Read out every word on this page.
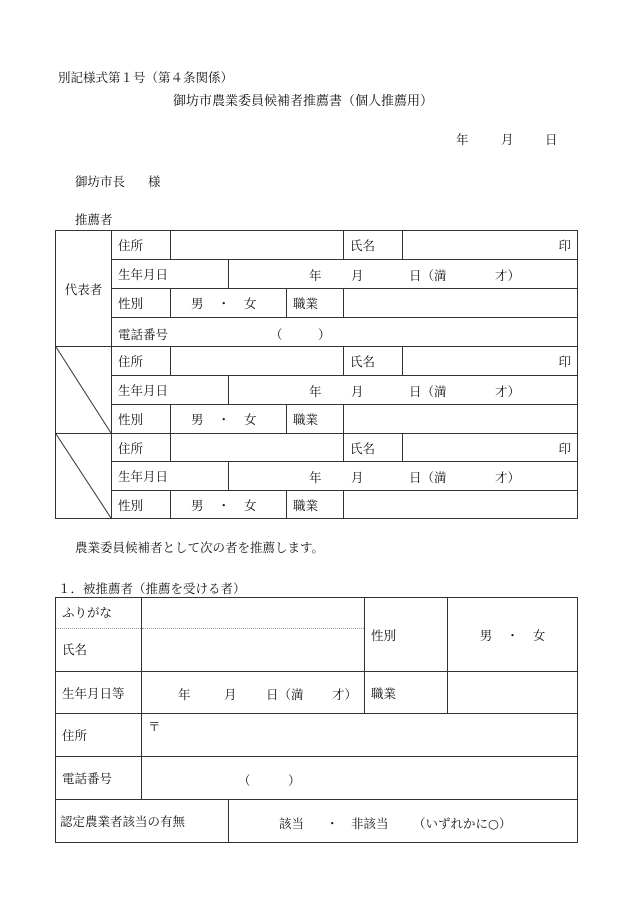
別記様式第１号（第４条関係）
御坊市農業委員候補者推薦書（個人推薦用）
年	月	日
御坊市長 様
推薦者
代表者	住所				氏名	印
	生年月日		年 月 日（満 才）			

	性別	男 ・ 女		職業		

	電話番号 （ ）					

	住所				氏名	印
	生年月日		年 月 日（満 才）			

	性別	男 ・ 女		職業		

	住所				氏名	印
	生年月日		年 月 日（満 才）			

	性別	男 ・ 女		職業		
農業委員候補者として次の者を推薦します。
１．被推薦者（推薦を受ける者）
ふりがな
氏名			性別	男 ・ 女
生年月日等	年 月 日（満 才）		職業	
住所	〒			
電話番号	（ ）			

認定農業者該当の有無		該当 ・ 非該当 （いずれかに○）		
